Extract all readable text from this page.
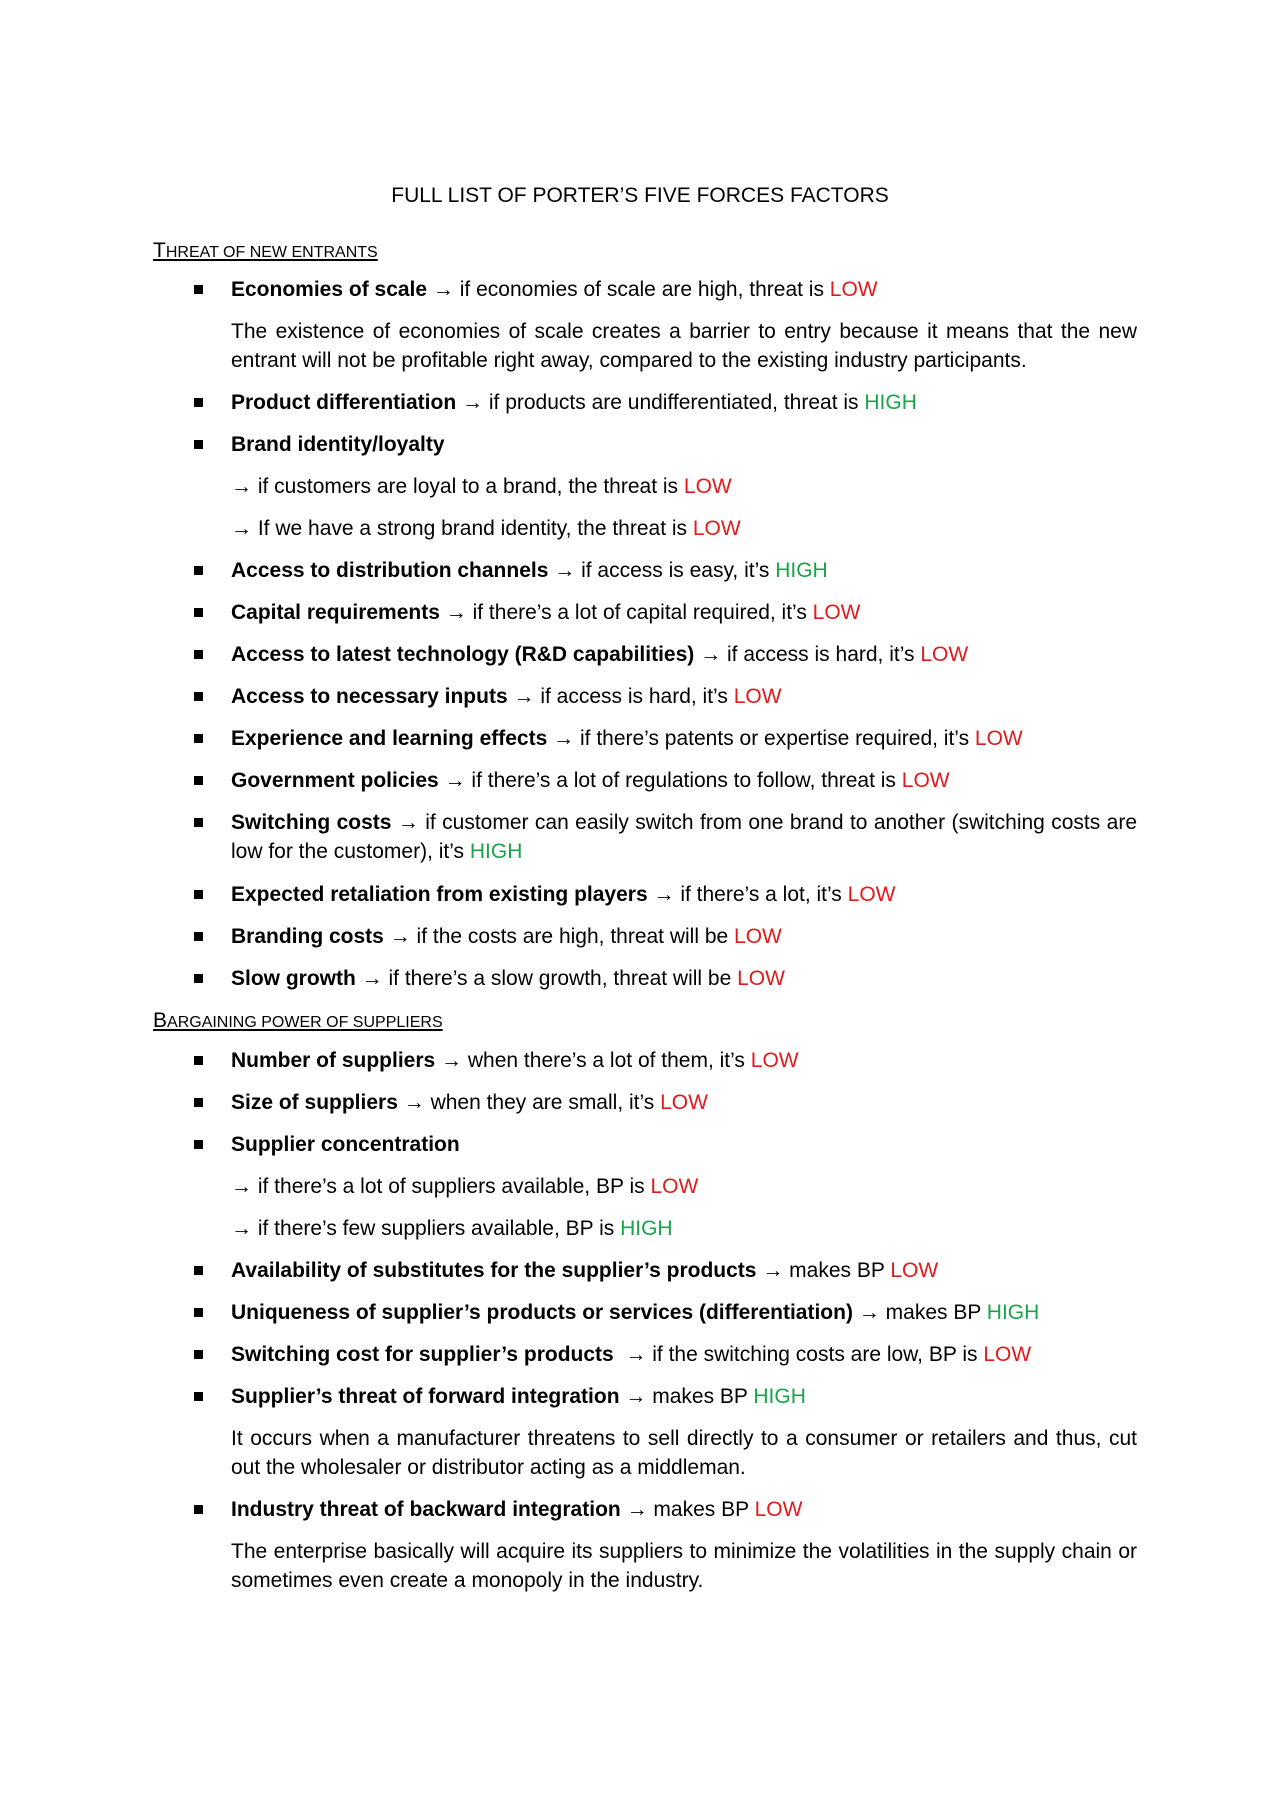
FULL LIST OF PORTER’S FIVE FORCES FACTORS
THREAT OF NEW ENTRANTS
Economies of scale → if economies of scale are high, threat is LOW
The existence of economies of scale creates a barrier to entry because it means that the new entrant will not be profitable right away, compared to the existing industry participants.
Product differentiation → if products are undifferentiated, threat is HIGH
Brand identity/loyalty
→ if customers are loyal to a brand, the threat is LOW
→ If we have a strong brand identity, the threat is LOW
Access to distribution channels → if access is easy, it’s HIGH
Capital requirements → if there’s a lot of capital required, it’s LOW
Access to latest technology (R&D capabilities) → if access is hard, it’s LOW
Access to necessary inputs → if access is hard, it’s LOW
Experience and learning effects → if there’s patents or expertise required, it’s LOW
Government policies → if there’s a lot of regulations to follow, threat is LOW
Switching costs → if customer can easily switch from one brand to another (switching costs are low for the customer), it’s HIGH
Expected retaliation from existing players → if there’s a lot, it’s LOW
Branding costs → if the costs are high, threat will be LOW
Slow growth → if there’s a slow growth, threat will be LOW
BARGAINING POWER OF SUPPLIERS
Number of suppliers → when there’s a lot of them, it’s LOW
Size of suppliers → when they are small, it’s LOW
Supplier concentration
→ if there’s a lot of suppliers available, BP is LOW
→ if there’s few suppliers available, BP is HIGH
Availability of substitutes for the supplier’s products → makes BP LOW
Uniqueness of supplier’s products or services (differentiation) → makes BP HIGH
Switching cost for supplier’s products → if the switching costs are low, BP is LOW
Supplier’s threat of forward integration → makes BP HIGH
It occurs when a manufacturer threatens to sell directly to a consumer or retailers and thus, cut out the wholesaler or distributor acting as a middleman.
Industry threat of backward integration → makes BP LOW
The enterprise basically will acquire its suppliers to minimize the volatilities in the supply chain or sometimes even create a monopoly in the industry.
